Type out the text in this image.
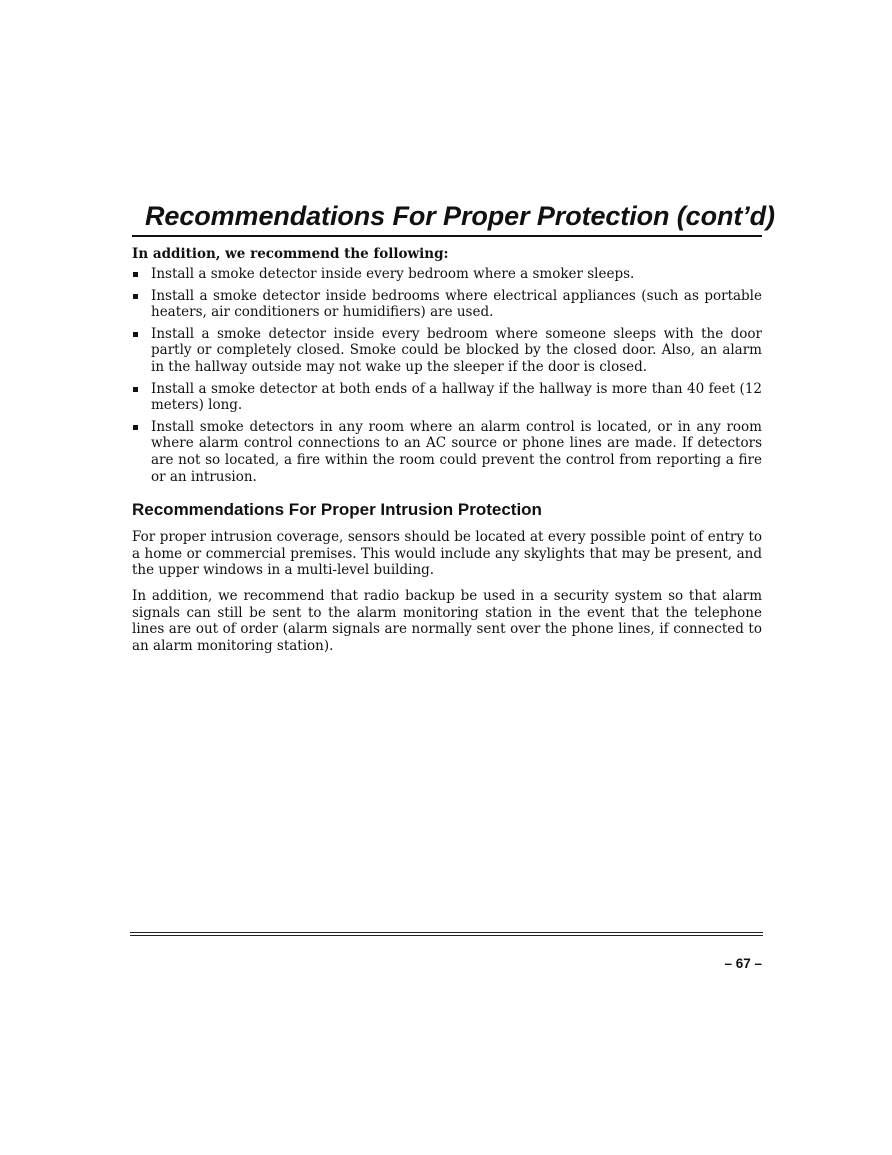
Recommendations For Proper Protection (cont’d)
In addition, we recommend the following:
Install a smoke detector inside every bedroom where a smoker sleeps.
Install a smoke detector inside bedrooms where electrical appliances (such as portable heaters, air conditioners or humidifiers) are used.
Install a smoke detector inside every bedroom where someone sleeps with the door partly or completely closed. Smoke could be blocked by the closed door. Also, an alarm in the hallway outside may not wake up the sleeper if the door is closed.
Install a smoke detector at both ends of a hallway if the hallway is more than 40 feet (12 meters) long.
Install smoke detectors in any room where an alarm control is located, or in any room where alarm control connections to an AC source or phone lines are made. If detectors are not so located, a fire within the room could prevent the control from reporting a fire or an intrusion.
Recommendations For Proper Intrusion Protection

For proper intrusion coverage, sensors should be located at every possible point of entry to a home or commercial premises. This would include any skylights that may be present, and the upper windows in a multi-level building.

In addition, we recommend that radio backup be used in a security system so that alarm signals can still be sent to the alarm monitoring station in the event that the telephone lines are out of order (alarm signals are normally sent over the phone lines, if connected to an alarm monitoring station).

– 67 –
